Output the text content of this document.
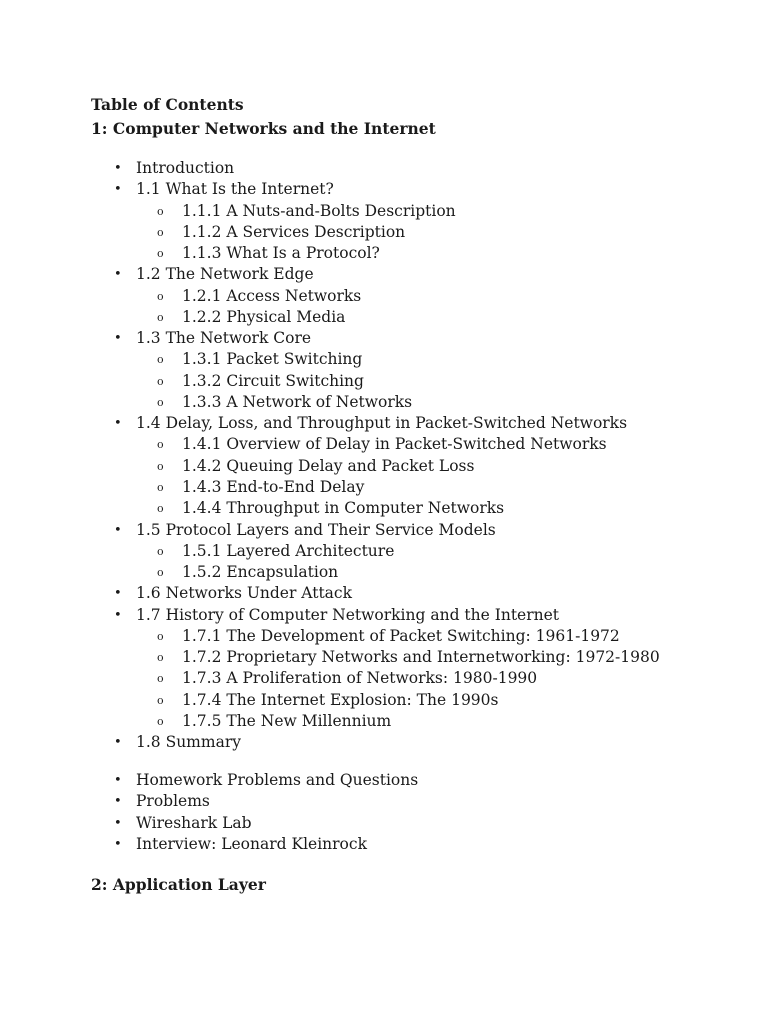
Table of Contents
1: Computer Networks and the Internet
• Introduction
• 1.1 What Is the Internet?
o 1.1.1 A Nuts-and-Bolts Description
o 1.1.2 A Services Description
o 1.1.3 What Is a Protocol?
• 1.2 The Network Edge
o 1.2.1 Access Networks
o 1.2.2 Physical Media
• 1.3 The Network Core
o 1.3.1 Packet Switching
o 1.3.2 Circuit Switching
o 1.3.3 A Network of Networks
• 1.4 Delay, Loss, and Throughput in Packet-Switched Networks
o 1.4.1 Overview of Delay in Packet-Switched Networks
o 1.4.2 Queuing Delay and Packet Loss
o 1.4.3 End-to-End Delay
o 1.4.4 Throughput in Computer Networks
• 1.5 Protocol Layers and Their Service Models
o 1.5.1 Layered Architecture
o 1.5.2 Encapsulation
• 1.6 Networks Under Attack
• 1.7 History of Computer Networking and the Internet
o 1.7.1 The Development of Packet Switching: 1961-1972
o 1.7.2 Proprietary Networks and Internetworking: 1972-1980
o 1.7.3 A Proliferation of Networks: 1980-1990
o 1.7.4 The Internet Explosion: The 1990s
o 1.7.5 The New Millennium
• 1.8 Summary
• Homework Problems and Questions
• Problems
• Wireshark Lab
• Interview: Leonard Kleinrock
2: Application Layer
